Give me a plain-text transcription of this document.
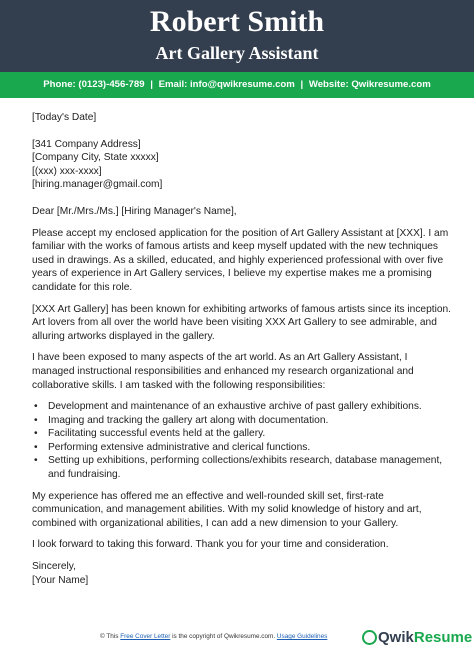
Robert Smith
Art Gallery Assistant
Phone: (0123)-456-789 | Email: info@qwikresume.com | Website: Qwikresume.com

[Today's Date]

[341 Company Address]

[Company City, State xxxxx]

[(xxx) xxx-xxxx]

[hiring.manager@gmail.com]

Dear [Mr./Mrs./Ms.] [Hiring Manager's Name],

Please accept my enclosed application for the position of Art Gallery Assistant at [XXX]. I am familiar with the works of famous artists and keep myself updated with the new techniques used in drawings. As a skilled, educated, and highly experienced professional with over five years of experience in Art Gallery services, I believe my expertise makes me a promising candidate for this role.

[XXX Art Gallery] has been known for exhibiting artworks of famous artists since its inception. Art lovers from all over the world have been visiting XXX Art Gallery to see admirable, and alluring artworks displayed in the gallery.

I have been exposed to many aspects of the art world. As an Art Gallery Assistant, I managed instructional responsibilities and enhanced my research organizational and collaborative skills. I am tasked with the following responsibilities:

• Development and maintenance of an exhaustive archive of past gallery exhibitions.
• Imaging and tracking the gallery art along with documentation.
• Facilitating successful events held at the gallery.
• Performing extensive administrative and clerical functions.
• Setting up exhibitions, performing collections/exhibits research, database management, and fundraising.

My experience has offered me an effective and well-rounded skill set, first-rate communication, and management abilities. With my solid knowledge of history and art, combined with organizational abilities, I can add a new dimension to your Gallery.

I look forward to taking this forward. Thank you for your time and consideration.

Sincerely,

[Your Name]

© This Free Cover Letter is the copyright of Qwikresume.com. Usage Guidelines	Qwik Resume
